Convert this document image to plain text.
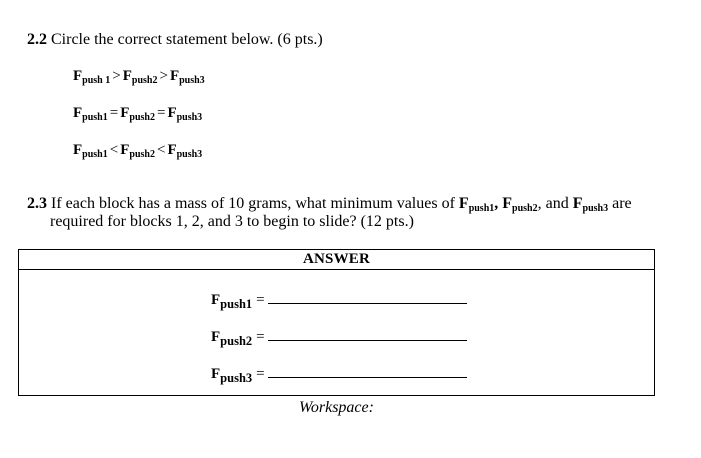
2.2 Circle the correct statement below. (6 pts.)
$F_{push 1} > F_{push2} > F_{push3}$
$F_{push1} = F_{push2} = F_{push3}$
$F_{push1} < F_{push2} < F_{push3}$
2.3 If each block has a mass of 10 grams, what minimum values of $F_{push1}$, $F_{push2}$, and $F_{push3}$ are
required for blocks 1, 2, and 3 to begin to slide? (12 pts.)
ANSWER
$F_{push1}$ =
$F_{push2}$ =
$F_{push3}$ =
Workspace:
